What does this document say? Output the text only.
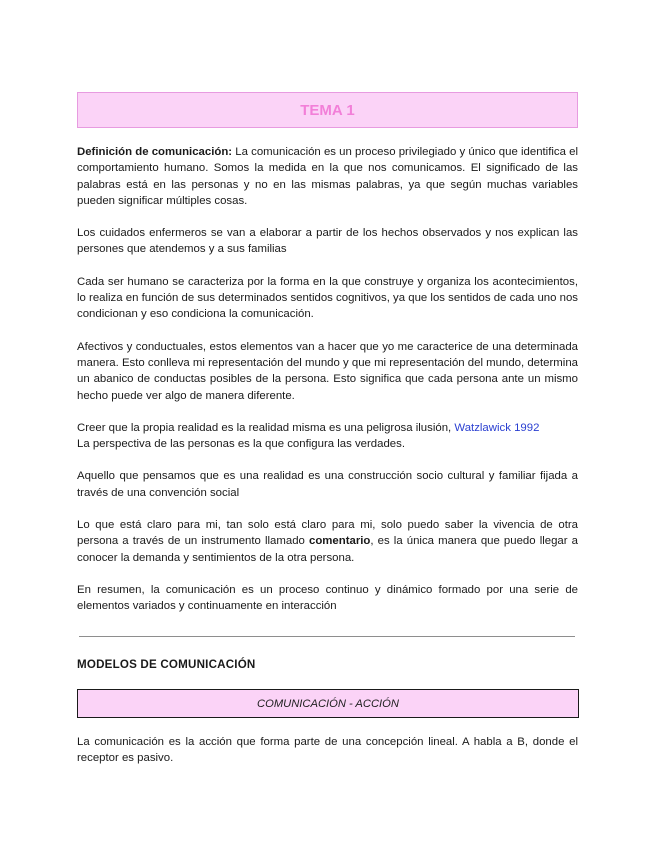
TEMA 1

Definición de comunicación: La comunicación es un proceso privilegiado y único que identifica el comportamiento humano. Somos la medida en la que nos comunicamos. El significado de las palabras está en las personas y no en las mismas palabras, ya que según muchas variables pueden significar múltiples cosas.

Los cuidados enfermeros se van a elaborar a partir de los hechos observados y nos explican las persones que atendemos y a sus familias

Cada ser humano se caracteriza por la forma en la que construye y organiza los acontecimientos, lo realiza en función de sus determinados sentidos cognitivos, ya que los sentidos de cada uno nos condicionan y eso condiciona la comunicación.

Afectivos y conductuales, estos elementos van a hacer que yo me caracterice de una determinada manera. Esto conlleva mi representación del mundo y que mi representación del mundo, determina un abanico de conductas posibles de la persona. Esto significa que cada persona ante un mismo hecho puede ver algo de manera diferente.

Creer que la propia realidad es la realidad misma es una peligrosa ilusión, Watzlawick 1992
La perspectiva de las personas es la que configura las verdades.

Aquello que pensamos que es una realidad es una construcción socio cultural y familiar fijada a través de una convención social

Lo que está claro para mi, tan solo está claro para mi, solo puedo saber la vivencia de otra persona a través de un instrumento llamado comentario, es la única manera que puedo llegar a conocer la demanda y sentimientos de la otra persona.

En resumen, la comunicación es un proceso continuo y dinámico formado por una serie de elementos variados y continuamente en interacción

MODELOS DE COMUNICACIÓN
COMUNICACIÓN - ACCIÓN

La comunicación es la acción que forma parte de una concepción lineal. A habla a B, donde el receptor es pasivo.
